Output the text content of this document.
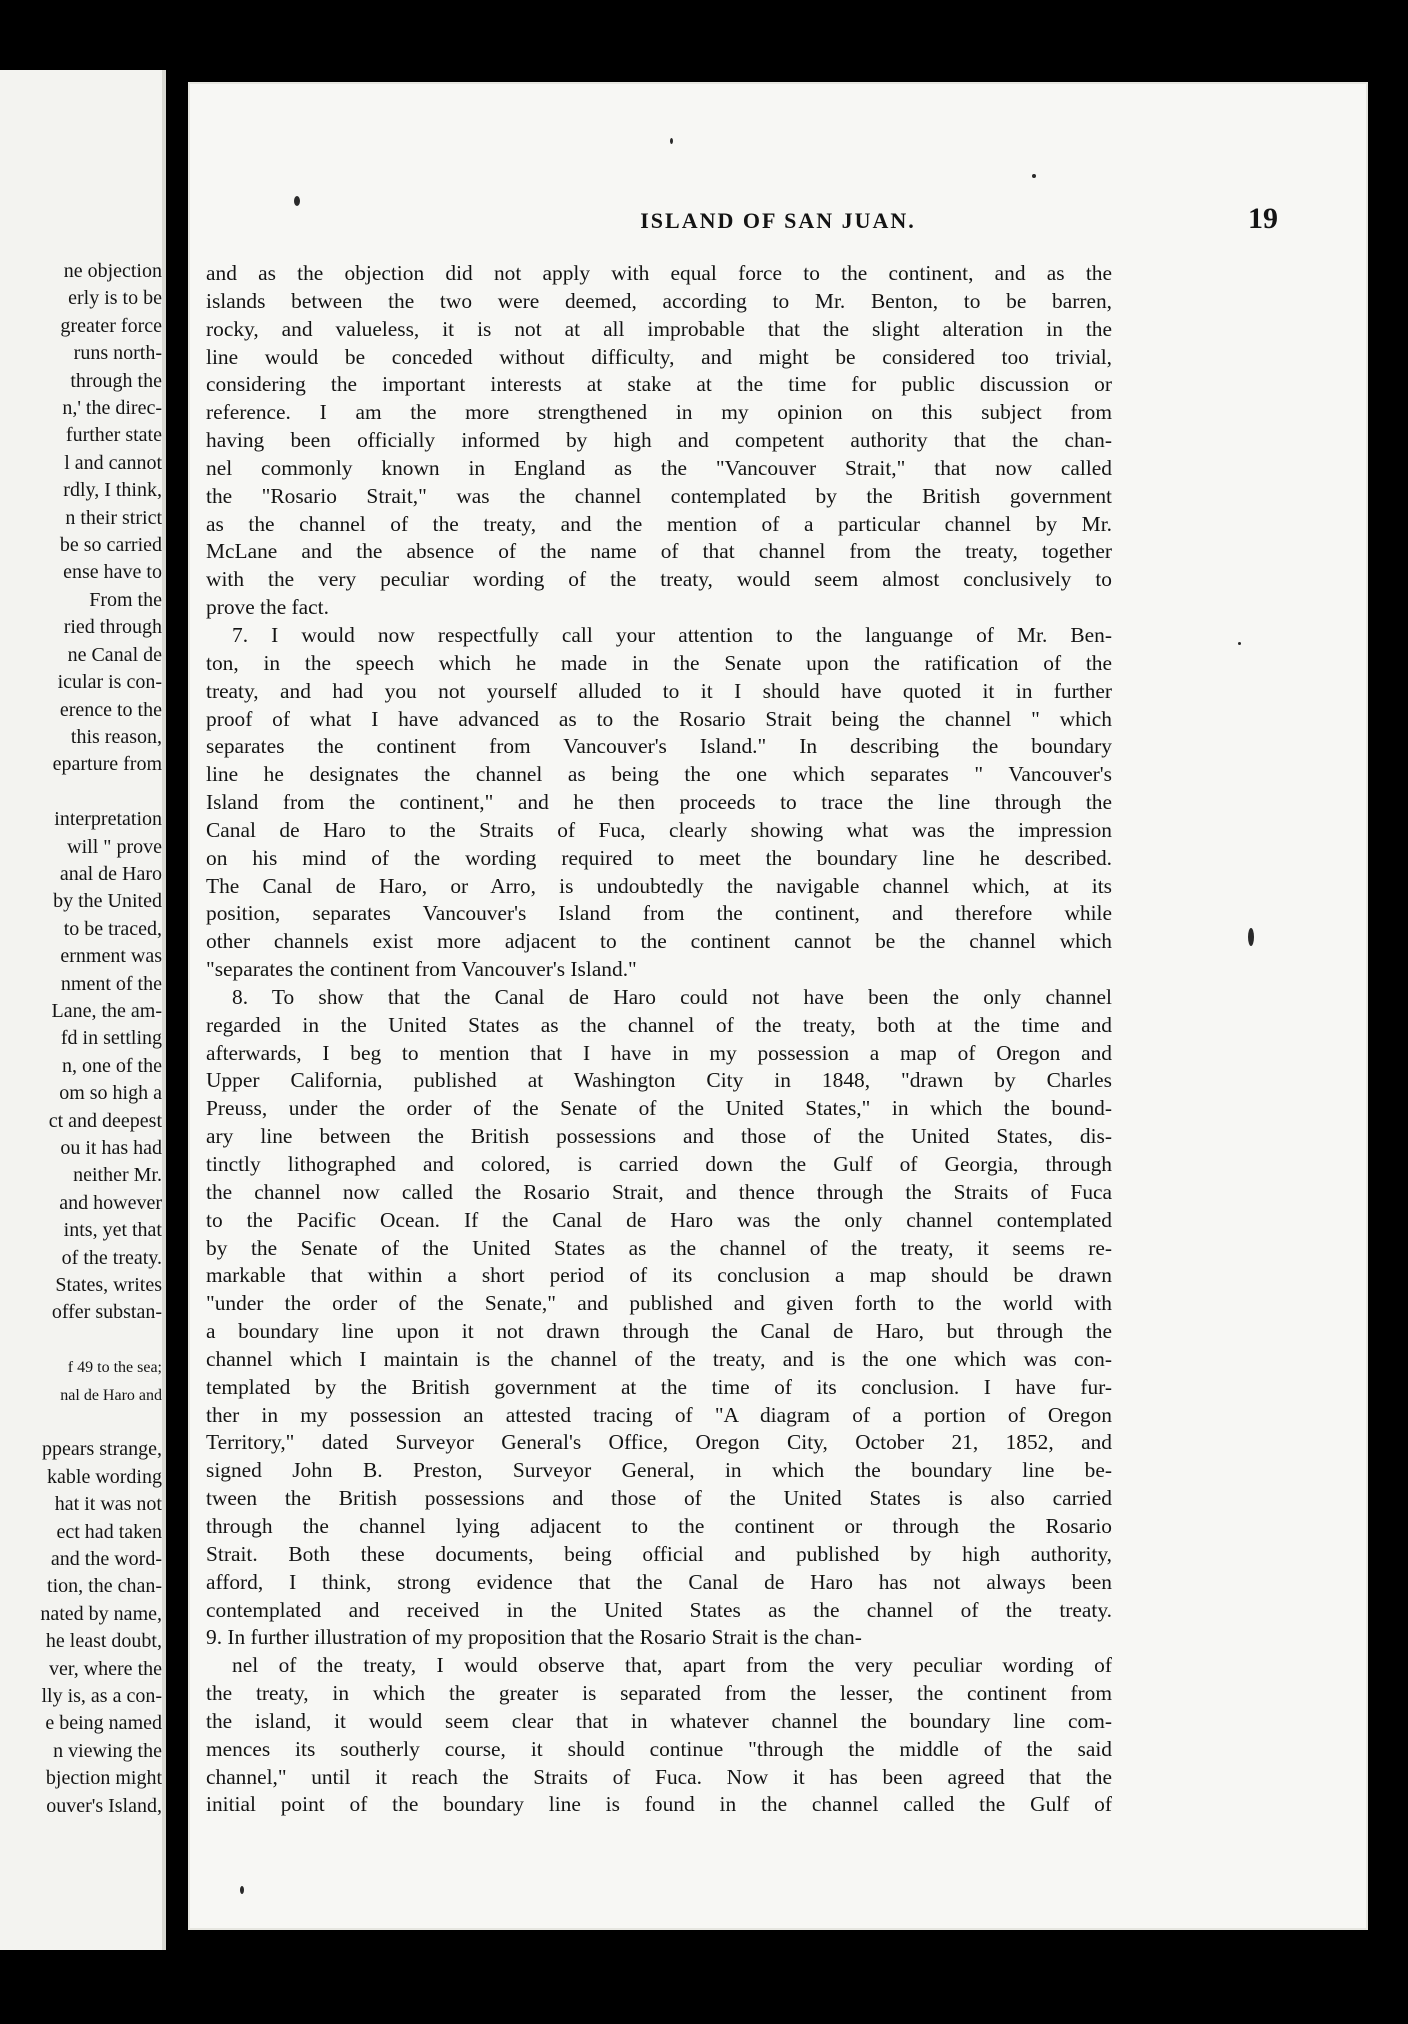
ne objection
erly is to be
greater force
runs north-
through the
n,' the direc-
further state
l and cannot
rdly, I think,
n their strict
be so carried
ense have to
From the
ried through
ne Canal de
icular is con-
erence to the
this reason,
eparture from
interpretation
will " prove
anal de Haro
by the United
to be traced,
ernment was
nment of the
Lane, the am-
fd in settling
n, one of the
om so high a
ct and deepest
ou it has had
neither Mr.
and however
ints, yet that
of the treaty.
States, writes
offer substan-
f 49 to the sea;
nal de Haro and
ppears strange,
kable wording
hat it was not
ect had taken
and the word-
tion, the chan-
nated by name,
he least doubt,
ver, where the
lly is, as a con-
e being named
n viewing the
bjection might
ouver's Island,
ISLAND OF SAN JUAN.	19
and as the objection did not apply with equal force to the continent, and as the
islands between the two were deemed, according to Mr. Benton, to be barren,
rocky, and valueless, it is not at all improbable that the slight alteration in the
line would be conceded without difficulty, and might be considered too trivial,
considering the important interests at stake at the time for public discussion or
reference. I am the more strengthened in my opinion on this subject from
having been officially informed by high and competent authority that the chan-
nel commonly known in England as the "Vancouver Strait," that now called
the "Rosario Strait," was the channel contemplated by the British government
as the channel of the treaty, and the mention of a particular channel by Mr.
McLane and the absence of the name of that channel from the treaty, together
with the very peculiar wording of the treaty, would seem almost conclusively to
prove the fact.
7. I would now respectfully call your attention to the languange of Mr. Ben-
ton, in the speech which he made in the Senate upon the ratification of the
treaty, and had you not yourself alluded to it I should have quoted it in further
proof of what I have advanced as to the Rosario Strait being the channel " which
separates the continent from Vancouver's Island." In describing the boundary
line he designates the channel as being the one which separates " Vancouver's
Island from the continent," and he then proceeds to trace the line through the
Canal de Haro to the Straits of Fuca, clearly showing what was the impression
on his mind of the wording required to meet the boundary line he described.
The Canal de Haro, or Arro, is undoubtedly the navigable channel which, at its
position, separates Vancouver's Island from the continent, and therefore while
other channels exist more adjacent to the continent cannot be the channel which
"separates the continent from Vancouver's Island."
8. To show that the Canal de Haro could not have been the only channel
regarded in the United States as the channel of the treaty, both at the time and
afterwards, I beg to mention that I have in my possession a map of Oregon and
Upper California, published at Washington City in 1848, "drawn by Charles
Preuss, under the order of the Senate of the United States," in which the bound-
ary line between the British possessions and those of the United States, dis-
tinctly lithographed and colored, is carried down the Gulf of Georgia, through
the channel now called the Rosario Strait, and thence through the Straits of Fuca
to the Pacific Ocean. If the Canal de Haro was the only channel contemplated
by the Senate of the United States as the channel of the treaty, it seems re-
markable that within a short period of its conclusion a map should be drawn
"under the order of the Senate," and published and given forth to the world with
a boundary line upon it not drawn through the Canal de Haro, but through the
channel which I maintain is the channel of the treaty, and is the one which was con-
templated by the British government at the time of its conclusion. I have fur-
ther in my possession an attested tracing of "A diagram of a portion of Oregon
Territory," dated Surveyor General's Office, Oregon City, October 21, 1852, and
signed John B. Preston, Surveyor General, in which the boundary line be-
tween the British possessions and those of the United States is also carried
through the channel lying adjacent to the continent or through the Rosario
Strait. Both these documents, being official and published by high authority,
afford, I think, strong evidence that the Canal de Haro has not always been
contemplated and received in the United States as the channel of the treaty.
9. In further illustration of my proposition that the Rosario Strait is the chan-
nel of the treaty, I would observe that, apart from the very peculiar wording of
the treaty, in which the greater is separated from the lesser, the continent from
the island, it would seem clear that in whatever channel the boundary line com-
mences its southerly course, it should continue "through the middle of the said
channel," until it reach the Straits of Fuca. Now it has been agreed that the
initial point of the boundary line is found in the channel called the Gulf of
